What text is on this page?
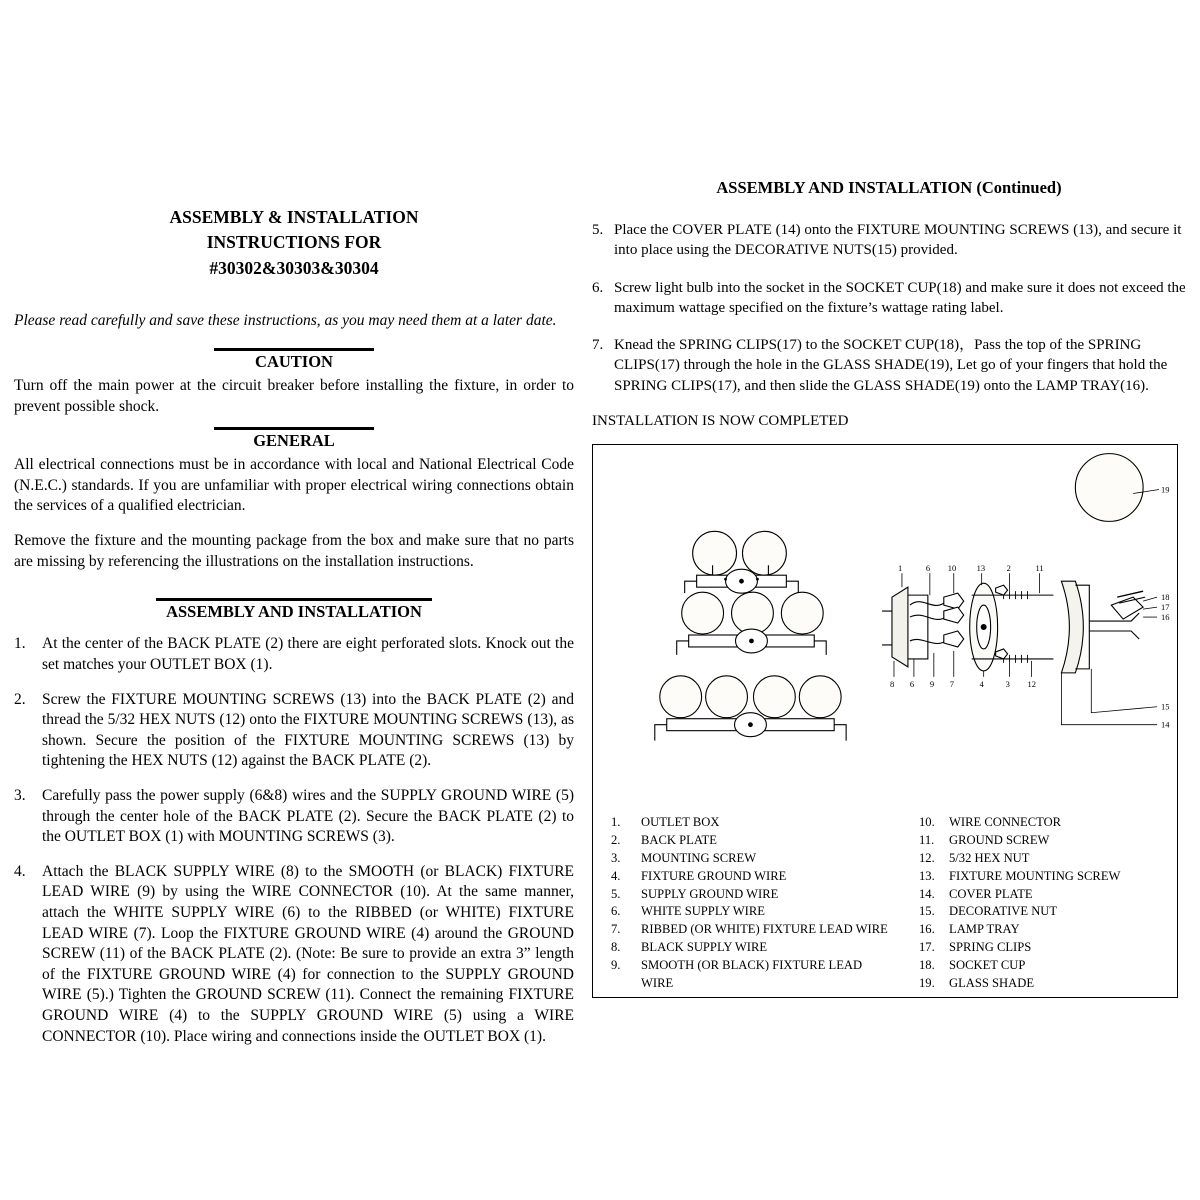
ASSEMBLY & INSTALLATION
INSTRUCTIONS FOR
#30302&30303&30304

Please read carefully and save these instructions, as you may need them at a later date.

CAUTION

Turn off the main power at the circuit breaker before installing the fixture, in order to prevent possible shock.

GENERAL

All electrical connections must be in accordance with local and National Electrical Code (N.E.C.) standards. If you are unfamiliar with proper electrical wiring connections obtain the services of a qualified electrician.

Remove the fixture and the mounting package from the box and make sure that no parts are missing by referencing the illustrations on the installation instructions.

ASSEMBLY AND INSTALLATION
1. At the center of the BACK PLATE (2) there are eight perforated slots. Knock out the set matches your OUTLET BOX (1).
2. Screw the FIXTURE MOUNTING SCREWS (13) into the BACK PLATE (2) and thread the 5/32 HEX NUTS (12) onto the FIXTURE MOUNTING SCREWS (13), as shown. Secure the position of the FIXTURE MOUNTING SCREWS (13) by tightening the HEX NUTS (12) against the BACK PLATE (2).
3. Carefully pass the power supply (6&8) wires and the SUPPLY GROUND WIRE (5) through the center hole of the BACK PLATE (2). Secure the BACK PLATE (2) to the OUTLET BOX (1) with MOUNTING SCREWS (3).
4. Attach the BLACK SUPPLY WIRE (8) to the SMOOTH (or BLACK) FIXTURE LEAD WIRE (9) by using the WIRE CONNECTOR (10). At the same manner, attach the WHITE SUPPLY WIRE (6) to the RIBBED (or WHITE) FIXTURE LEAD WIRE (7). Loop the FIXTURE GROUND WIRE (4) around the GROUND SCREW (11) of the BACK PLATE (2). (Note: Be sure to provide an extra 3” length of the FIXTURE GROUND WIRE (4) for connection to the SUPPLY GROUND WIRE (5).) Tighten the GROUND SCREW (11). Connect the remaining FIXTURE GROUND WIRE (4) to the SUPPLY GROUND WIRE (5) using a WIRE CONNECTOR (10). Place wiring and connections inside the OUTLET BOX (1).
ASSEMBLY AND INSTALLATION (Continued)
5. Place the COVER PLATE (14) onto the FIXTURE MOUNTING SCREWS (13), and secure it into place using the DECORATIVE NUTS(15) provided.
6. Screw light bulb into the socket in the SOCKET CUP(18) and make sure it does not exceed the maximum wattage specified on the fixture’s wattage rating label.
7. Knead the SPRING CLIPS(17) to the SOCKET CUP(18)，Pass the top of the SPRING CLIPS(17) through the hole in the GLASS SHADE(19), Let go of your fingers that hold the SPRING CLIPS(17), and then slide the GLASS SHADE(19) onto the LAMP TRAY(16).
INSTALLATION IS NOW COMPLETED
1	6 10 13	2	11
8 6 9 7	4	3 12
19
18
17
16
15
14
1. OUTLET BOX
2. BACK PLATE
3. MOUNTING SCREW
4. FIXTURE GROUND WIRE
5. SUPPLY GROUND WIRE
6. WHITE SUPPLY WIRE
7. RIBBED (OR WHITE) FIXTURE LEAD WIRE
8. BLACK SUPPLY WIRE
9. SMOOTH (OR BLACK) FIXTURE LEAD
WIRE
10. WIRE CONNECTOR
11. GROUND SCREW
12. 5/32 HEX NUT
13. FIXTURE MOUNTING SCREW
14. COVER PLATE
15. DECORATIVE NUT
16. LAMP TRAY
17. SPRING CLIPS
18. SOCKET CUP
19. GLASS SHADE
